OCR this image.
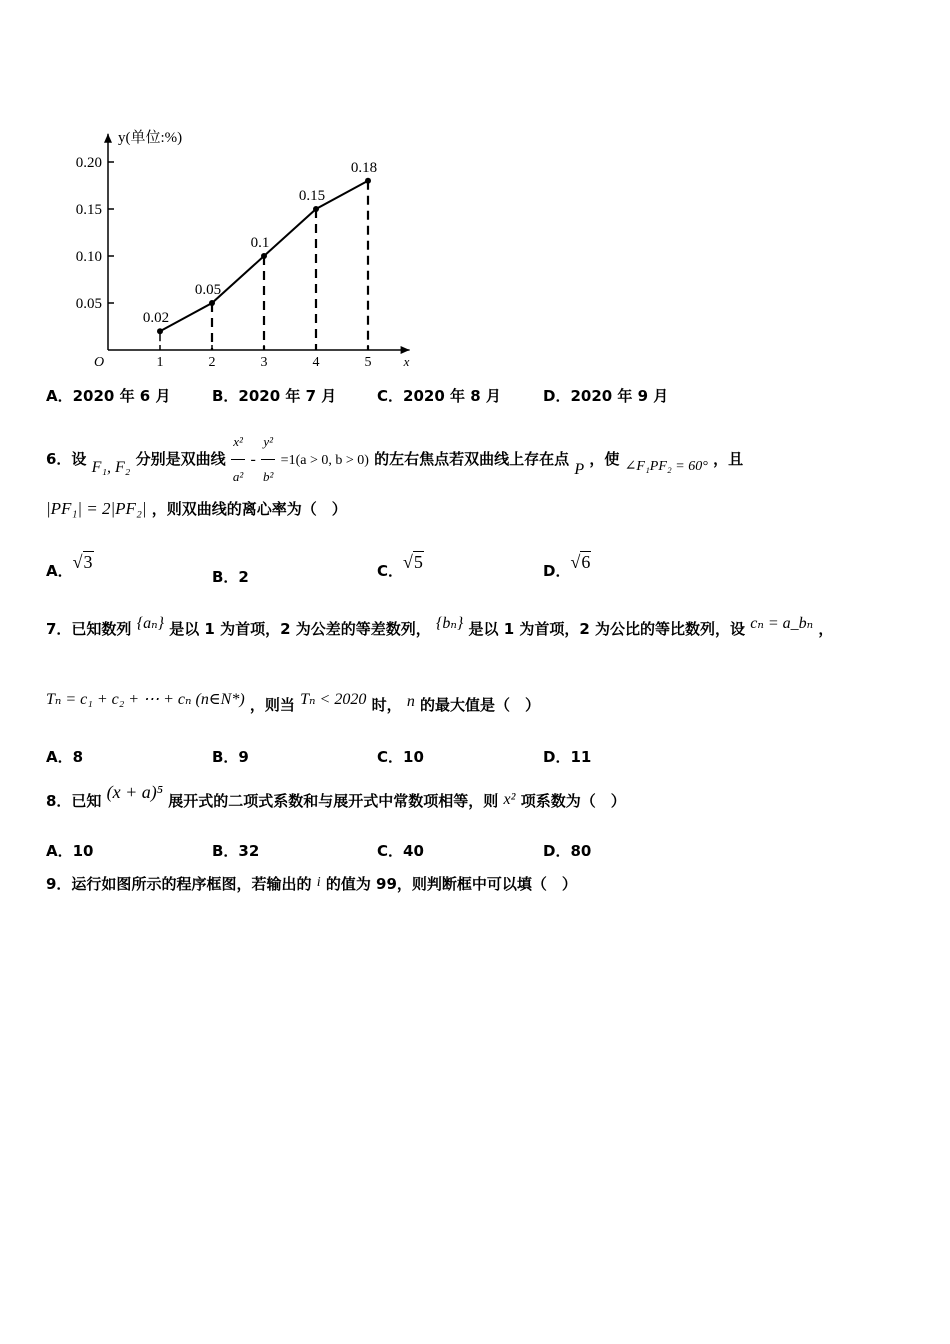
y(单位:%)
x
O
0.05
0.10
0.15
0.20
1	2	3	4	5
0.02
0.05
0.1
0.15
0.18
A．2020 年 6 月	B．2020 年 7 月	C．2020 年 8 月	D．2020 年 9 月
6．设 F₁, F₂ 分别是双曲线 $\frac{\text{x²}}{\text{a²}} - \frac{\text{y²}}{\text{b²}} =1(a > 0$, b > 0) 的左右焦点若双曲线上存在点 P ，使 ∠F₁PF₂ = 60° ，且
|PF₁| = 2|PF₂| ，则双曲线的离心率为（　）
A．√3
B．2	C．√5	D．√6
7．已知数列 {aₙ} 是以 1 为首项，2 为公差的等差数列， {bₙ} 是以 1 为首项，2 为公比的等比数列，设 cₙ = a_bₙ ，
Tₙ = c₁ + c₂ + ⋯ + cₙ (n∈N*) ，则当 Tₙ < 2020 时， n 的最大值是（　）
A．8	B．9	C．10	D．11
8．已知 (x + a)⁵ 展开式的二项式系数和与展开式中常数项相等，则 x² 项系数为（　）
A．10	B．32	C．40	D．80
9．运行如图所示的程序框图，若输出的 i 的值为 99，则判断框中可以填（　）
